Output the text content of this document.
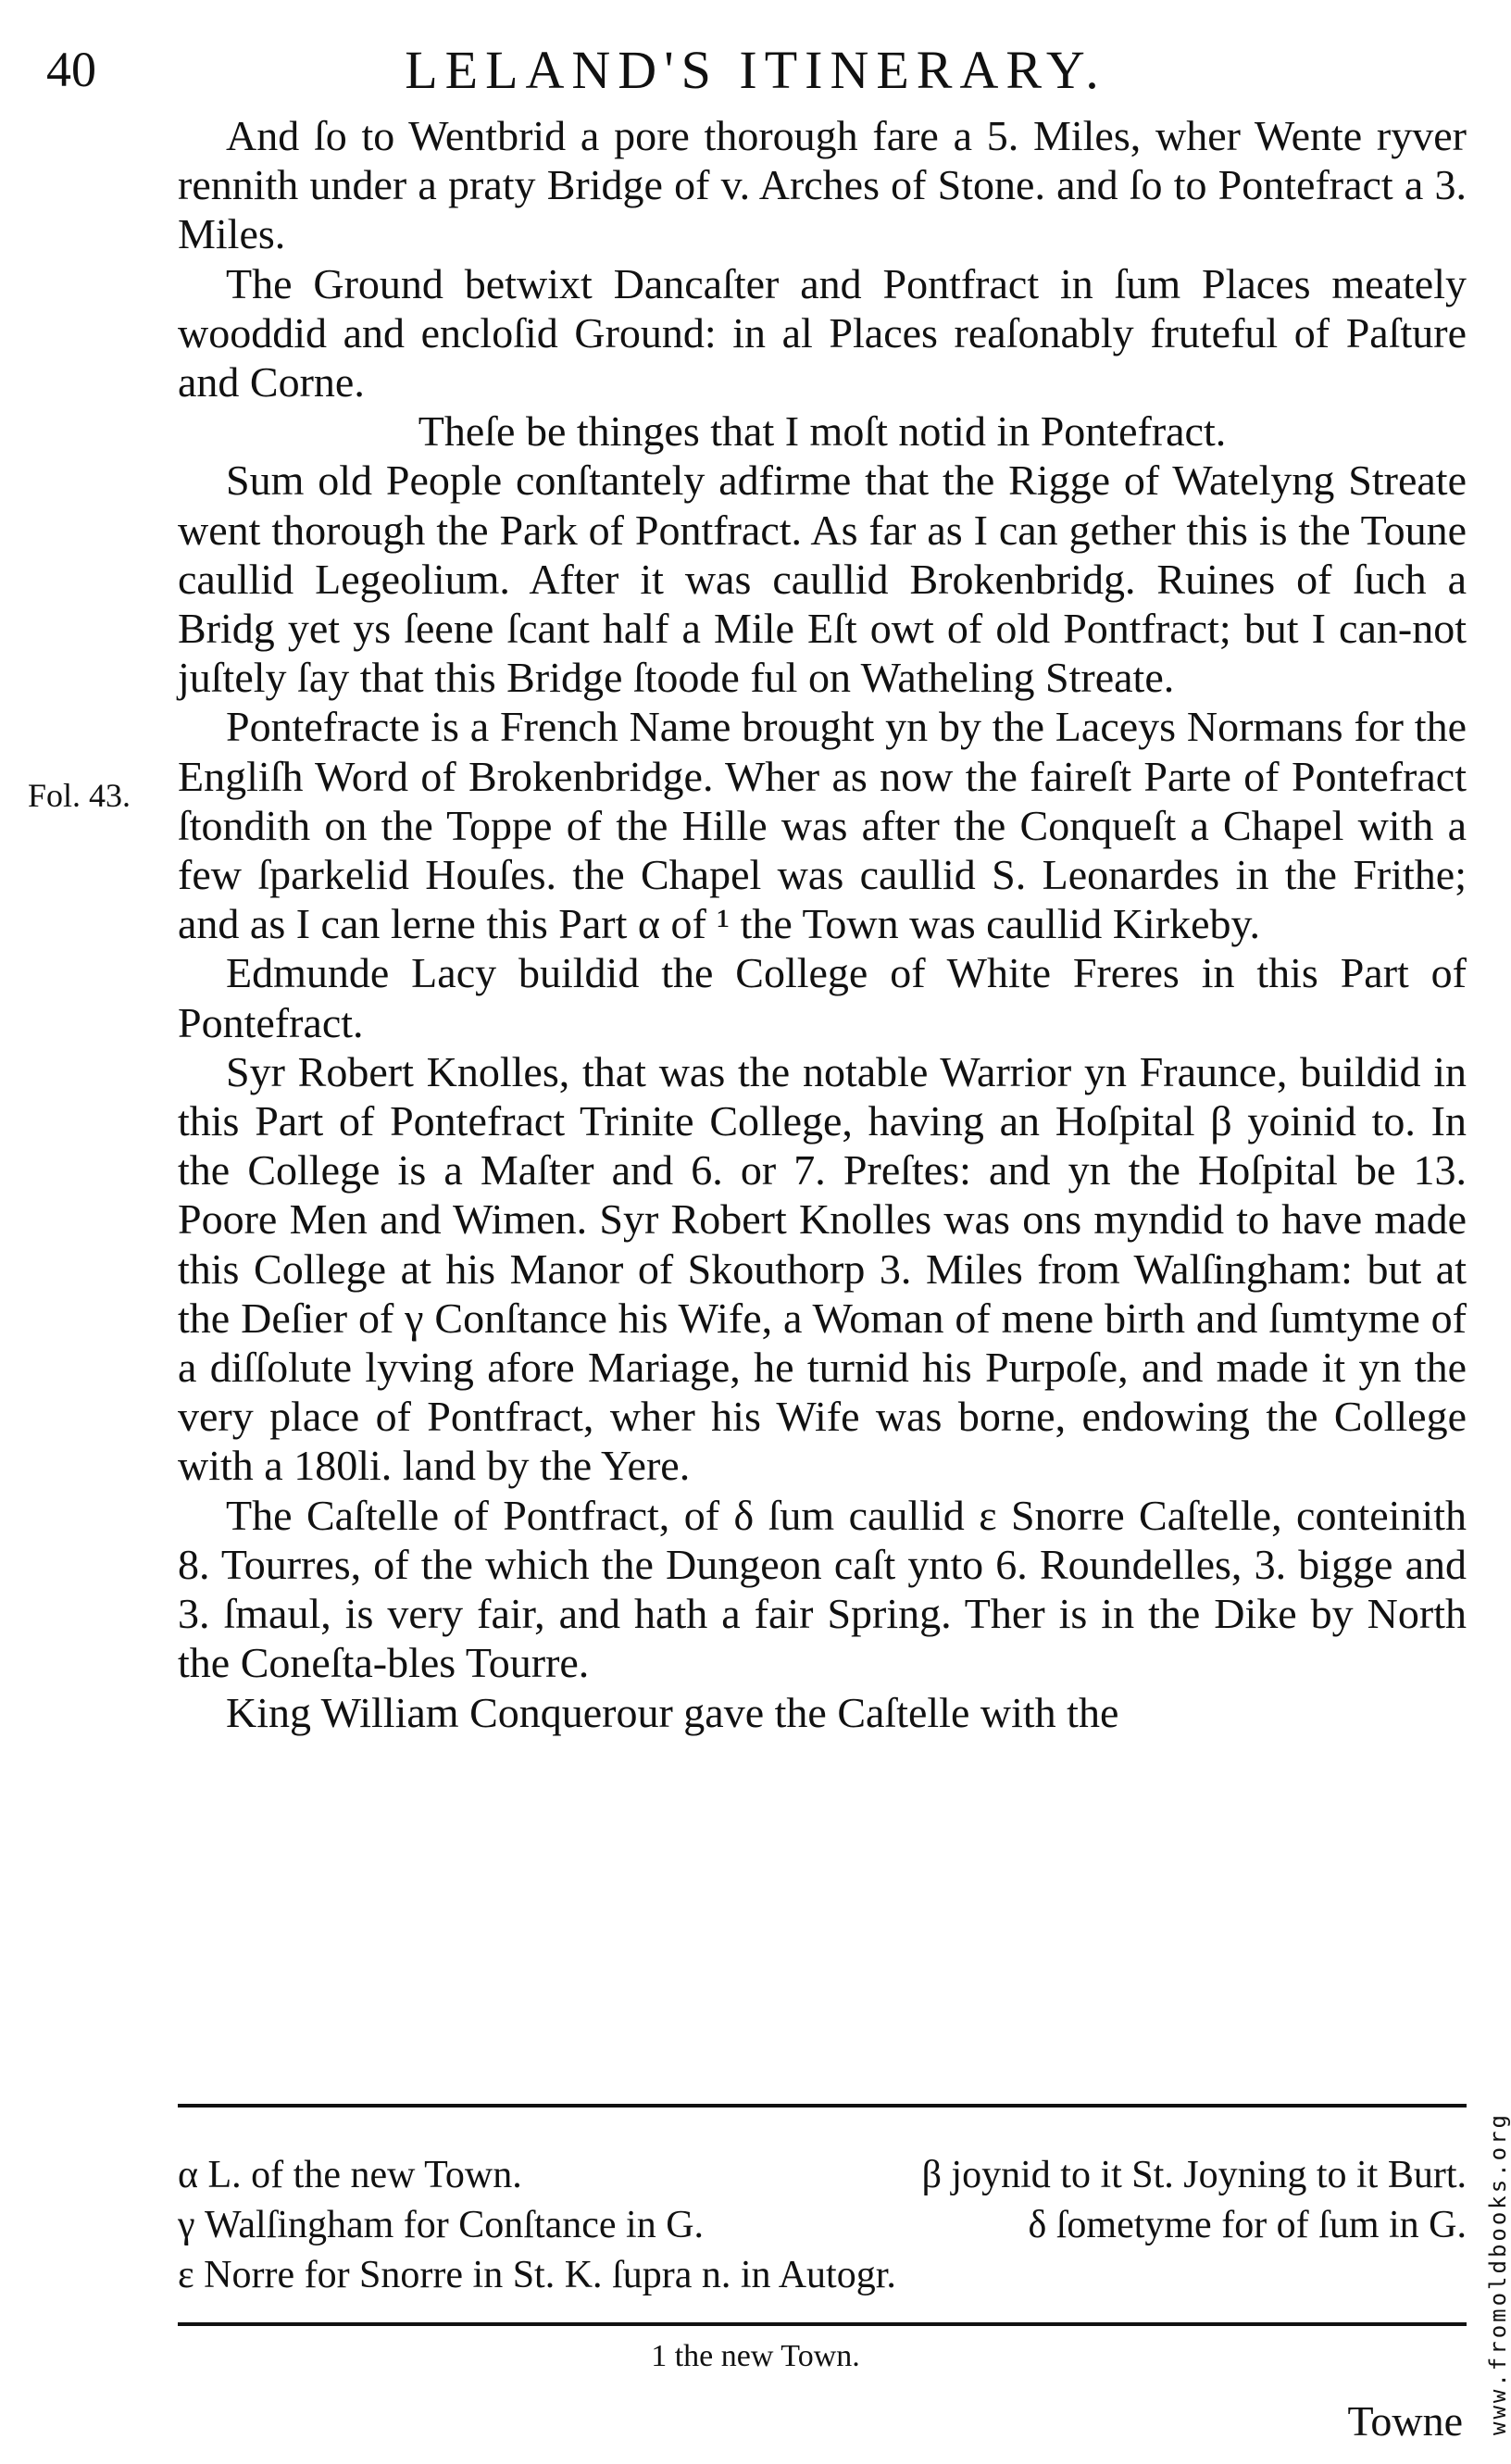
40	LELAND'S ITINERARY.
Fol. 43.

And ſo to Wentbrid a pore thorough fare a 5. Miles, wher Wente ryver rennith under a praty Bridge of v. Arches of Stone. and ſo to Pontefract a 3. Miles.

The Ground betwixt Dancaſter and Pontfract in ſum Places meately wooddid and encloſid Ground: in al Places reaſonably fruteful of Paſture and Corne.

Theſe be thinges that I moſt notid in Pontefract.

Sum old People conſtantely adfirme that the Rigge of Watelyng Streate went thorough the Park of Pontfract. As far as I can gether this is the Toune caullid Legeolium. After it was caullid Brokenbridg. Ruines of ſuch a Bridg yet ys ſeene ſcant half a Mile Eſt owt of old Pontfract; but I can-not juſtely ſay that this Bridge ſtoode ful on Watheling Streate.

Pontefracte is a French Name brought yn by the Laceys Normans for the Engliſh Word of Brokenbridge. Wher as now the faireſt Parte of Pontefract ſtondith on the Toppe of the Hille was after the Conqueſt a Chapel with a few ſparkelid Houſes. the Chapel was caullid S. Leonardes in the Frithe; and as I can lerne this Part α of ¹ the Town was caullid Kirkeby.

Edmunde Lacy buildid the College of White Freres in this Part of Pontefract.

Syr Robert Knolles, that was the notable Warrior yn Fraunce, buildid in this Part of Pontefract Trinite College, having an Hoſpital β yoinid to. In the College is a Maſter and 6. or 7. Preſtes: and yn the Hoſpital be 13. Poore Men and Wimen. Syr Robert Knolles was ons myndid to have made this College at his Manor of Skouthorp 3. Miles from Walſingham: but at the Deſier of γ Conſtance his Wife, a Woman of mene birth and ſumtyme of a diſſolute lyving afore Mariage, he turnid his Purpoſe, and made it yn the very place of Pontfract, wher his Wife was borne, endowing the College with a 180li. land by the Yere.

The Caſtelle of Pontfract, of δ ſum caullid ε Snorre Caſtelle, conteinith 8. Tourres, of the which the Dungeon caſt ynto 6. Roundelles, 3. bigge and 3. ſmaul, is very fair, and hath a fair Spring. Ther is in the Dike by North the Coneſta-bles Tourre.

King William Conquerour gave the Caſtelle with the

α L. of the new Town.	β joynid to it St. Joyning to it Burt.
γ Walſingham for Conſtance in G.	δ ſometyme for of ſum in G.
ε Norre for Snorre in St. K. ſupra n. in Autogr.
1 the new Town.
Towne www.fromoldbooks.org
